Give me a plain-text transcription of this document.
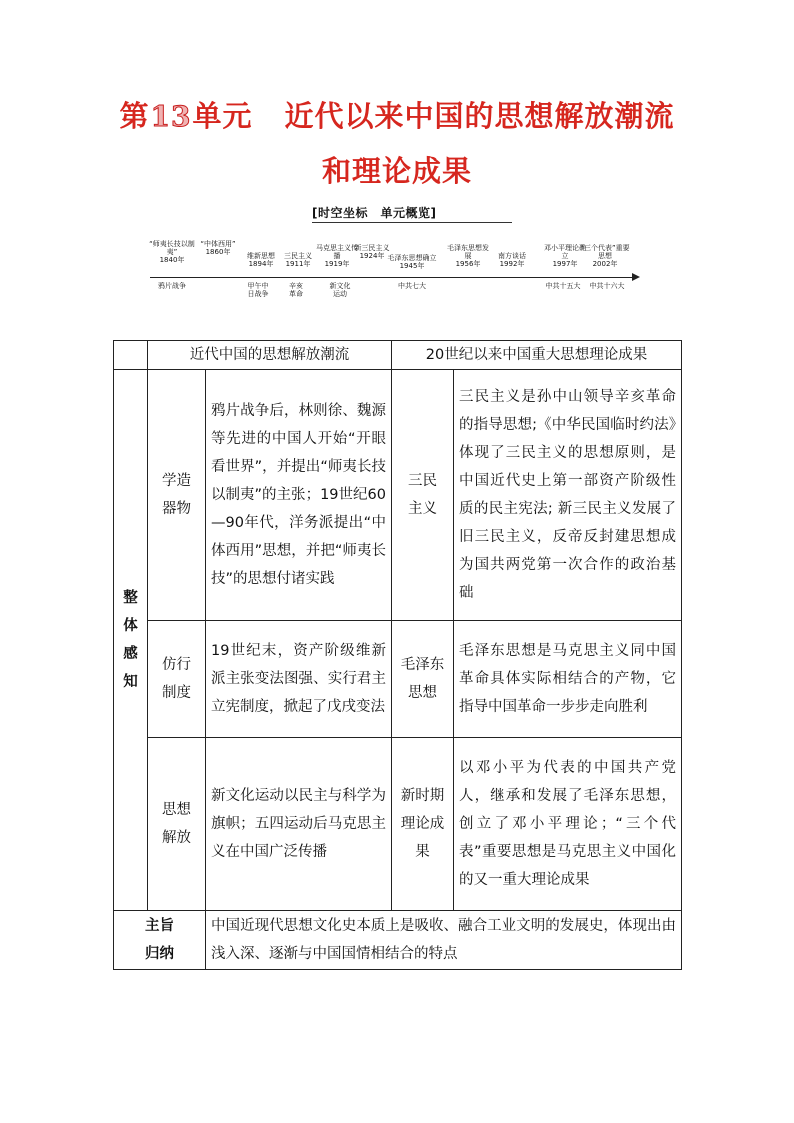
第13单元 近代以来中国的思想解放潮流
和理论成果
[时空坐标　单元概览]
“师夷长技以制夷”
1840年
“中体西用”
1860年	维新思想
1894年
三民主义
1911年
马克思主义传播
1919年
新三民主义
1924年 毛泽东思想确立
1945年
毛泽东思想发展
1956年
南方谈话
1992年
邓小平理论确立
1997年
“三个代表”重要思想
2002年
鸦片战争	甲午中日战争
辛亥革命
新文化运动
中共七大	中共十五大	中共十六大
	近代中国的思想解放潮流		20世纪以来中国重大思想理论成果	
整体感知	学造器物	鸦片战争后，林则徐、魏源等先进的中国人开始“开眼看世界”，并提出“师夷长技以制夷”的主张；19世纪60—90年代，洋务派提出“中体西用”思想，并把“师夷长技”的思想付诸实践	三民主义	三民主义是孙中山领导辛亥革命的指导思想;《中华民国临时约法》体现了三民主义的思想原则，是中国近代史上第一部资产阶级性质的民主宪法; 新三民主义发展了旧三民主义，反帝反封建思想成为国共两党第一次合作的政治基础
	仿行制度	19世纪末，资产阶级维新派主张变法图强、实行君主立宪制度，掀起了戊戌变法	毛泽东思想	毛泽东思想是马克思主义同中国革命具体实际相结合的产物，它指导中国革命一步步走向胜利
	思想解放	新文化运动以民主与科学为旗帜；五四运动后马克思主义在中国广泛传播	新时期理论成果	以邓小平为代表的中国共产党人，继承和发展了毛泽东思想，创立了邓小平理论；“三个代表”重要思想是马克思主义中国化的又一重大理论成果
主旨归纳		中国近现代思想文化史本质上是吸收、融合工业文明的发展史，体现出由浅入深、逐渐与中国国情相结合的特点		
